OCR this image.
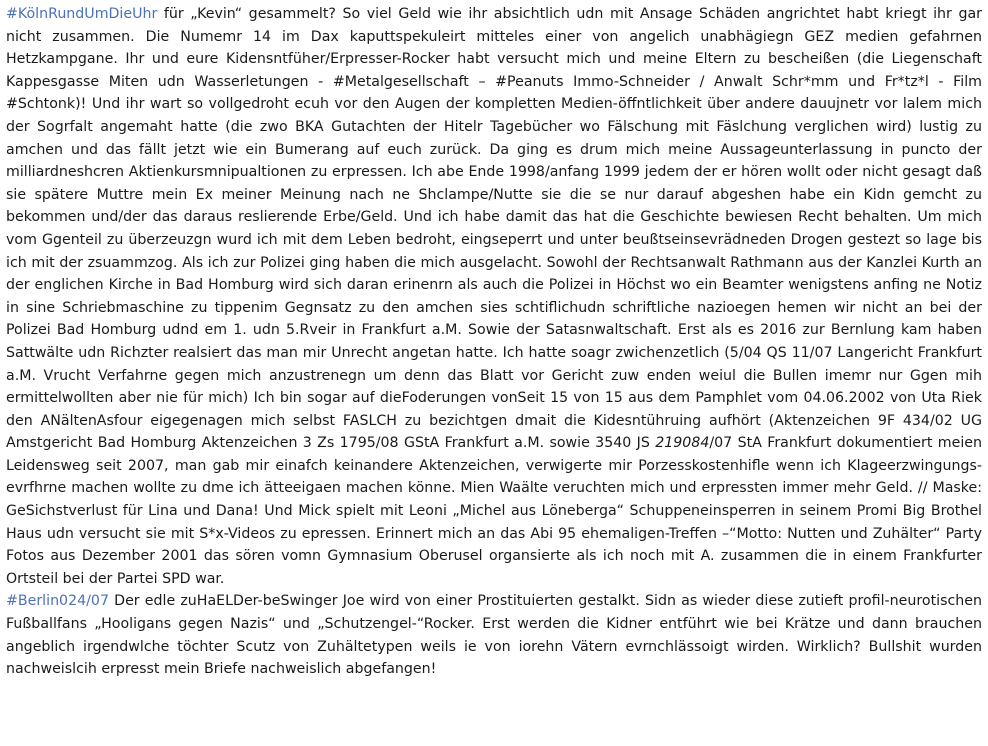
#KölnRundUmDieUhr für „Kevin“ gesammelt? So viel Geld wie ihr absichtlich udn mit Ansage Schäden angrichtet habt kriegt ihr gar nicht zusammen. Die Numemr 14 im Dax kaputtspekuleirt mitteles einer von angelich unabhägiegn GEZ medien gefahrnen Hetzkampgane. Ihr und eure Kidensntfüher/Erpresser-Rocker habt versucht mich und meine Eltern zu bescheißen (die Liegenschaft Kappesgasse Miten udn Wasserletungen - #Metalgesellschaft – #Peanuts Immo-Schneider / Anwalt Schr*mm und Fr*tz*l - Film #Schtonk)! Und ihr wart so vollgedroht ecuh vor den Augen der kompletten Medien-öffntlichkeit über andere dauujnetr vor lalem mich der Sogrfalt angemaht hatte (die zwo BKA Gutachten der Hitelr Tagebücher wo Fälschung mit Fäslchung verglichen wird) lustig zu amchen und das fällt jetzt wie ein Bumerang auf euch zurück. Da ging es drum mich meine Aussageunterlassung in puncto der milliardneshcren Aktienkursmnipualtionen zu erpressen. Ich abe Ende 1998/anfang 1999 jedem der er hören wollt oder nicht gesagt daß sie spätere Muttre mein Ex meiner Meinung nach ne Shclampe/Nutte sie die se nur darauf abgeshen habe ein Kidn gemcht zu bekommen und/der das daraus reslierende Erbe/Geld. Und ich habe damit das hat die Geschichte bewiesen Recht behalten. Um mich vom Ggenteil zu überzeuzgn wurd ich mit dem Leben bedroht, eingseperrt und unter beußtseinsevrädneden Drogen gestezt so lage bis ich mit der zsuammzog. Als ich zur Polizei ging haben die mich ausgelacht. Sowohl der Rechtsanwalt Rathmann aus der Kanzlei Kurth an der englichen Kirche in Bad Homburg wird sich daran erinenrn als auch die Polizei in Höchst wo ein Beamter wenigstens anfing ne Notiz in sine Schriebmaschine zu tippenim Gegnsatz zu den amchen sies schtiflichudn schriftliche nazioegen hemen wir nicht an bei der Polizei Bad Homburg udnd em 1. udn 5.Rveir in Frankfurt a.M. Sowie der Satasnwaltschaft. Erst als es 2016 zur Bernlung kam haben Sattwälte udn Richzter realsiert das man mir Unrecht angetan hatte. Ich hatte soagr zwichenzetlich (5/04 QS 11/07 Langericht Frankfurt a.M. Vrucht Verfahrne gegen mich anzustrenegn um denn das Blatt vor Gericht zuw enden weiul die Bullen imemr nur Ggen mih ermittelwollten aber nie für mich) Ich bin sogar auf dieFoderungen vonSeit 15 von 15 aus dem Pamphlet vom 04.06.2002 von Uta Riek den ANältenAsfour eigegenagen mich selbst FASLCH zu bezichtgen dmait die Kidesntühruing aufhört (Aktenzeichen 9F 434/02 UG Amstgericht Bad Homburg Aktenzeichen 3 Zs 1795/08 GStA Frankfurt a.M. sowie 3540 JS 219084/07 StA Frankfurt dokumentiert meien Leidensweg seit 2007, man gab mir einafch keinandere Aktenzeichen, verwigerte mir Porzesskostenhifle wenn ich Klageerzwingungs-evrfhrne machen wollte zu dme ich ätteeigaen machen könne. Mien Waälte veruchten mich und erpressten immer mehr Geld. // Maske: GeSichstverlust für Lina und Dana! Und Mick spielt mit Leoni „Michel aus Löneberga“ Schuppeneinsperren in seinem Promi Big Brothel Haus udn versucht sie mit S*x-Videos zu epressen. Erinnert mich an das Abi 95 ehemaligen-Treffen –“Motto: Nutten und Zuhälter“ Party Fotos aus Dezember 2001 das sören vomn Gymnasium Oberusel organsierte als ich noch mit A. zusammen die in einem Frankfurter Ortsteil bei der Partei SPD war.

#Berlin024/07 Der edle zuHaELDer-beSwinger Joe wird von einer Prostituierten gestalkt. Sidn as wieder diese zutieft profil-neurotischen Fußballfans „Hooligans gegen Nazis“ und „Schutzengel-“Rocker. Erst werden die Kidner entführt wie bei Krätze und dann brauchen angeblich irgendwlche töchter Scutz von Zuhältetypen weils ie von iorehn Vätern evrnchlässoigt wirden. Wirklich? Bullshit wurden nachweislcih erpresst mein Briefe nachweislich abgefangen!
